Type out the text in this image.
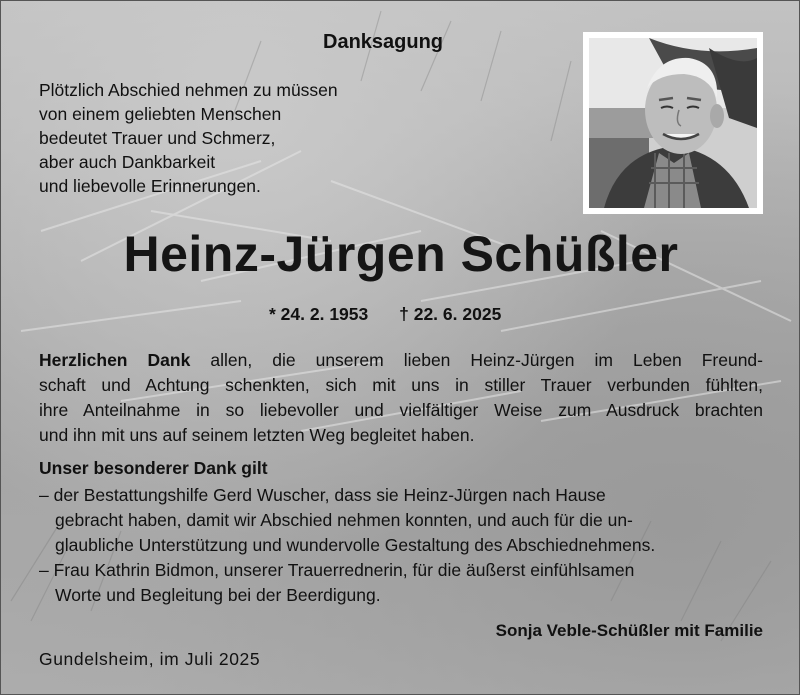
Danksagung
Plötzlich Abschied nehmen zu müssen
von einem geliebten Menschen
bedeutet Trauer und Schmerz,
aber auch Dankbarkeit
und liebevolle Erinnerungen.
Heinz-Jürgen Schüßler
* 24. 2. 1953 † 22. 6. 2025
Herzlichen Dank allen, die unserem lieben Heinz-Jürgen im Leben Freund-
schaft und Achtung schenkten, sich mit uns in stiller Trauer verbunden fühlten,
ihre Anteilnahme in so liebevoller und vielfältiger Weise zum Ausdruck brachten
und ihn mit uns auf seinem letzten Weg begleitet haben.
Unser besonderer Dank gilt
– der Bestattungshilfe Gerd Wuscher, dass sie Heinz-Jürgen nach Hause
gebracht haben, damit wir Abschied nehmen konnten, und auch für die un-
glaubliche Unterstützung und wundervolle Gestaltung des Abschiednehmens.
– Frau Kathrin Bidmon, unserer Trauerrednerin, für die äußerst einfühlsamen
Worte und Begleitung bei der Beerdigung.
Sonja Veble-Schüßler mit Familie
Gundelsheim, im Juli 2025
